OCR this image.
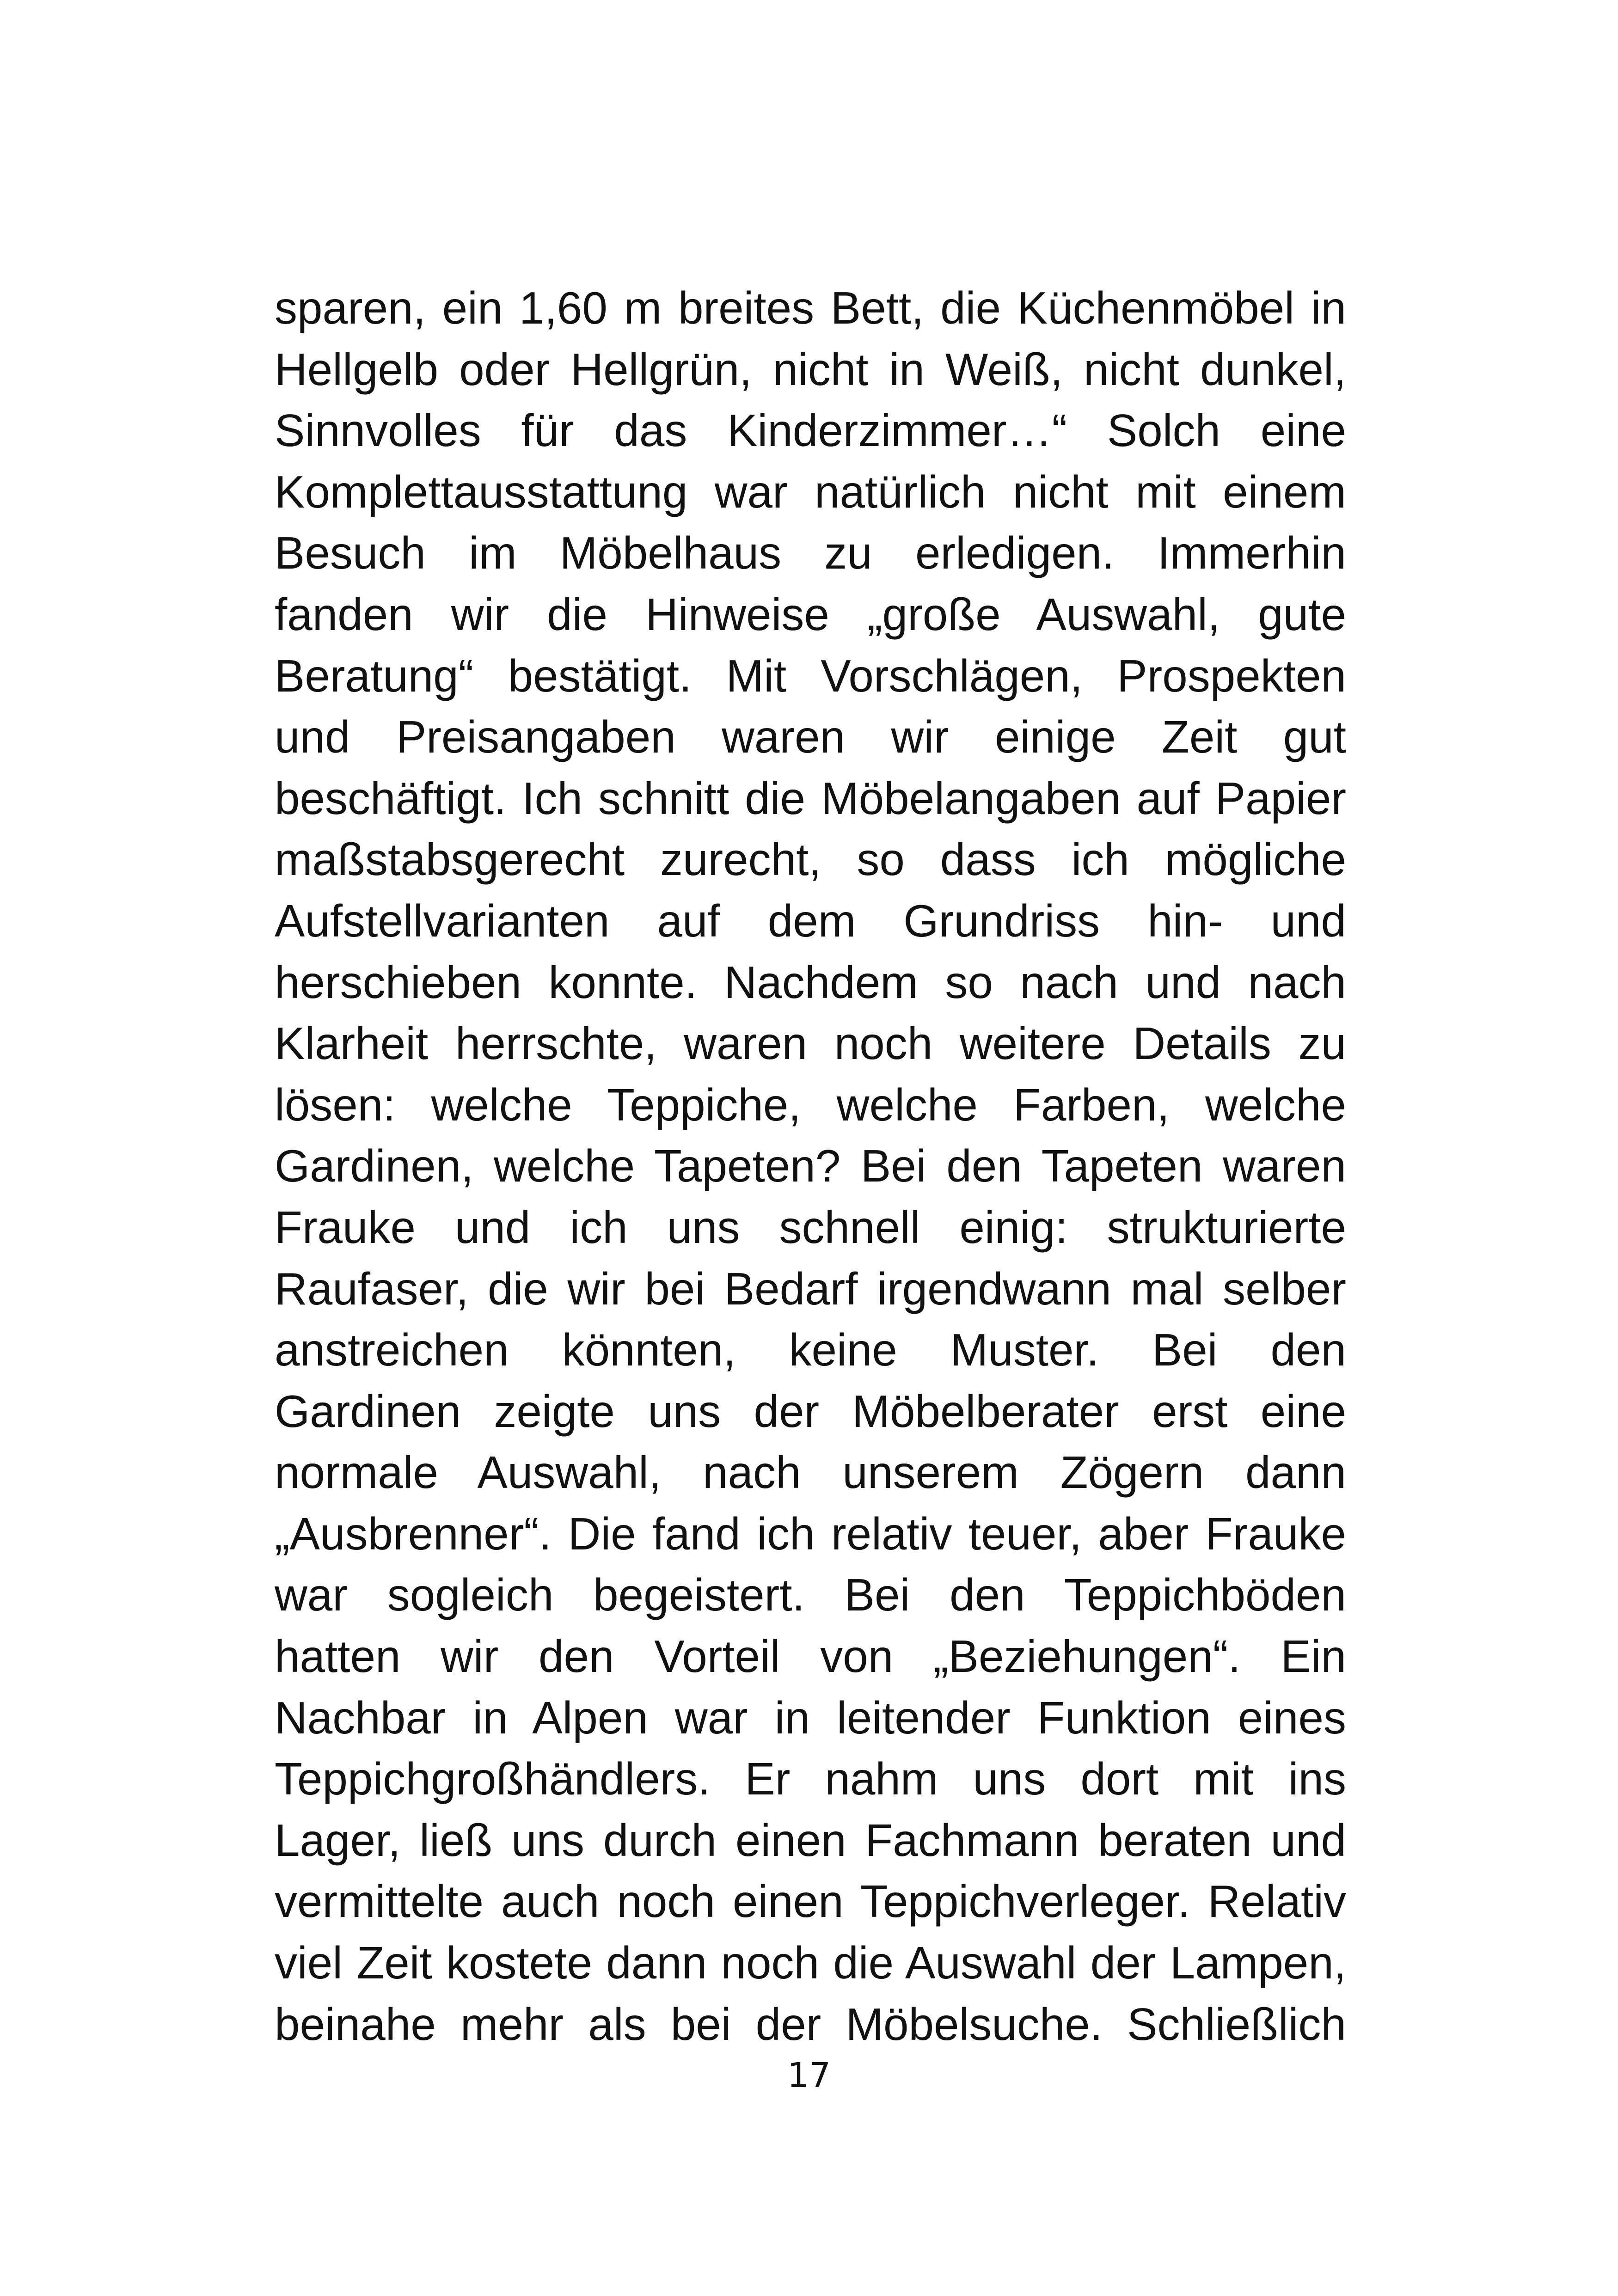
sparen, ein 1,60 m breites Bett, die Küchenmöbel in
Hellgelb oder Hellgrün, nicht in Weiß, nicht dunkel,
Sinnvolles für das Kinderzimmer…“ Solch eine
Komplettausstattung war natürlich nicht mit einem
Besuch im Möbelhaus zu erledigen. Immerhin
fanden wir die Hinweise „große Auswahl, gute
Beratung“ bestätigt. Mit Vorschlägen, Prospekten
und Preisangaben waren wir einige Zeit gut
beschäftigt. Ich schnitt die Möbelangaben auf Papier
maßstabsgerecht zurecht, so dass ich mögliche
Aufstellvarianten auf dem Grundriss hin- und
herschieben konnte. Nachdem so nach und nach
Klarheit herrschte, waren noch weitere Details zu
lösen: welche Teppiche, welche Farben, welche
Gardinen, welche Tapeten? Bei den Tapeten waren
Frauke und ich uns schnell einig: strukturierte
Raufaser, die wir bei Bedarf irgendwann mal selber
anstreichen könnten, keine Muster. Bei den
Gardinen zeigte uns der Möbelberater erst eine
normale Auswahl, nach unserem Zögern dann
„Ausbrenner“. Die fand ich relativ teuer, aber Frauke
war sogleich begeistert. Bei den Teppichböden
hatten wir den Vorteil von „Beziehungen“. Ein
Nachbar in Alpen war in leitender Funktion eines
Teppichgroßhändlers. Er nahm uns dort mit ins
Lager, ließ uns durch einen Fachmann beraten und
vermittelte auch noch einen Teppichverleger. Relativ
viel Zeit kostete dann noch die Auswahl der Lampen,
beinahe mehr als bei der Möbelsuche. Schließlich
17
